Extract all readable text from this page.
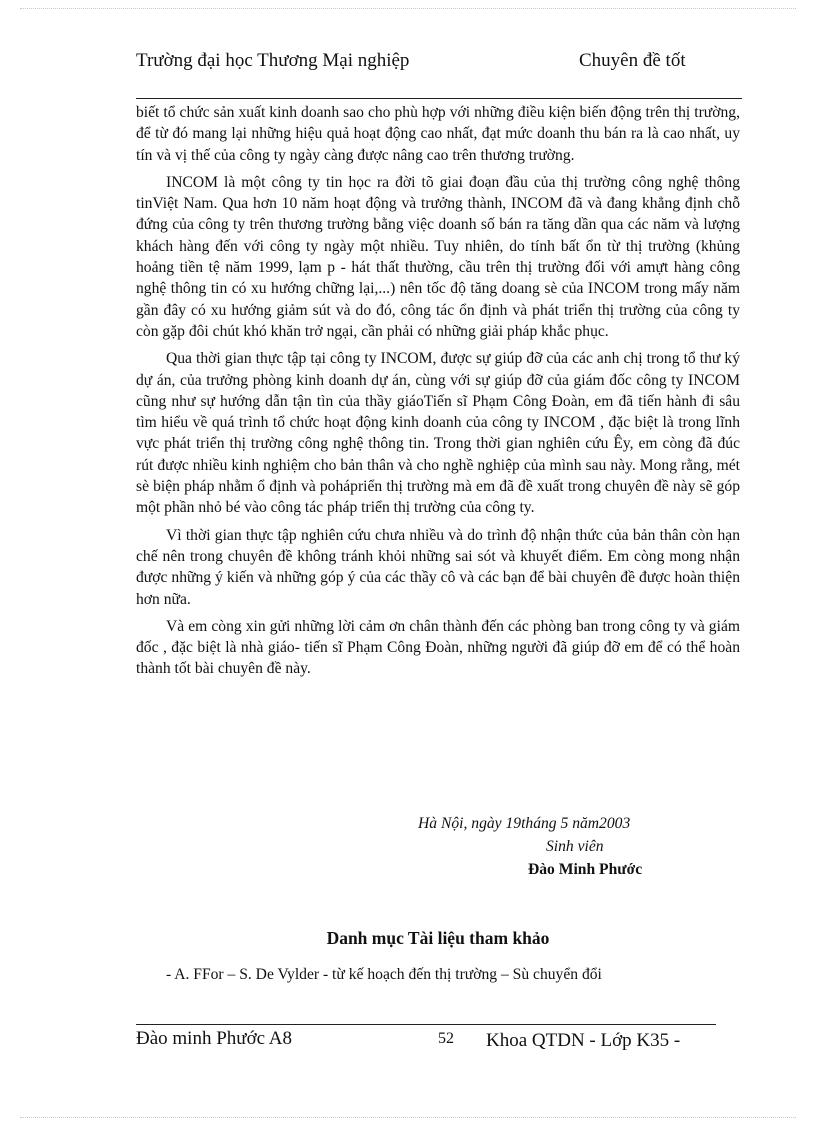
Trường đại học Thương Mại nghiệp	Chuyên đề tốt

biết tổ chức sản xuất kinh doanh sao cho phù hợp với những điều kiện biến động trên thị trường, để từ đó mang lại những hiệu quả hoạt động cao nhất, đạt mức doanh thu bán ra là cao nhất, uy tín và vị thế của công ty ngày càng được nâng cao trên thương trường.

INCOM là một công ty tin học ra đời tõ giai đoạn đầu của thị trường công nghệ thông tinViệt Nam. Qua hơn 10 năm hoạt động và trưởng thành, INCOM đã và đang khẳng định chỗ đứng của công ty trên thương trường bằng việc doanh số bán ra tăng dần qua các năm và lượng khách hàng đến với công ty ngày một nhiều. Tuy nhiên, do tính bất ổn từ thị trường (khủng hoảng tiền tệ năm 1999, lạm p - hát thất thường, cầu trên thị trường đối với amựt hàng công nghệ thông tin có xu hướng chững lại,...) nên tốc độ tăng doang sè của INCOM trong mấy năm gần đây có xu hướng giảm sút và do đó, công tác ổn định và phát triển thị trường của công ty còn gặp đôi chút khó khăn trở ngại, cần phải có những giải pháp khắc phục.

Qua thời gian thực tập tại công ty INCOM, được sự giúp đỡ của các anh chị trong tổ thư ký dự án, của trưởng phòng kinh doanh dự án, cùng với sự giúp đỡ của giám đốc công ty INCOM cũng như sự hướng dẫn tận tìn của thầy giáoTiến sĩ Phạm Công Đoàn, em đã tiến hành đi sâu tìm hiểu về quá trình tổ chức hoạt động kinh doanh của công ty INCOM , đặc biệt là trong lĩnh vực phát triển thị trường công nghệ thông tin. Trong thời gian nghiên cứu Êy, em còng đã đúc rút được nhiều kinh nghiệm cho bản thân và cho nghề nghiệp của mình sau này. Mong rằng, mét sè biện pháp nhằm ổ định và pohápriển thị trường mà em đã đề xuất trong chuyên đề này sẽ góp một phần nhỏ bé vào công tác pháp triển thị trường của công ty.

Vì thời gian thực tập nghiên cứu chưa nhiều và do trình độ nhận thức của bản thân còn hạn chế nên trong chuyên đề không tránh khỏi những sai sót và khuyết điểm. Em còng mong nhận được những ý kiến và những góp ý của các thầy cô và các bạn để bài chuyên đề được hoàn thiện hơn nữa.

Và em còng xin gửi những lời cảm ơn chân thành đến các phòng ban trong công ty và giám đốc , đặc biệt là nhà giáo- tiến sĩ Phạm Công Đoàn, những người đã giúp đỡ em để có thể hoàn thành tốt bài chuyên đề này.

Hà Nội, ngày 19tháng 5 năm2003
Sinh viên
Đào Minh Phước
Danh mục Tài liệu tham khảo
- A. FFor – S. De Vylder - từ kế hoạch đến thị trường – Sù chuyển đổi
Đào minh Phước A8	52 Khoa QTDN - Lớp K35 -
